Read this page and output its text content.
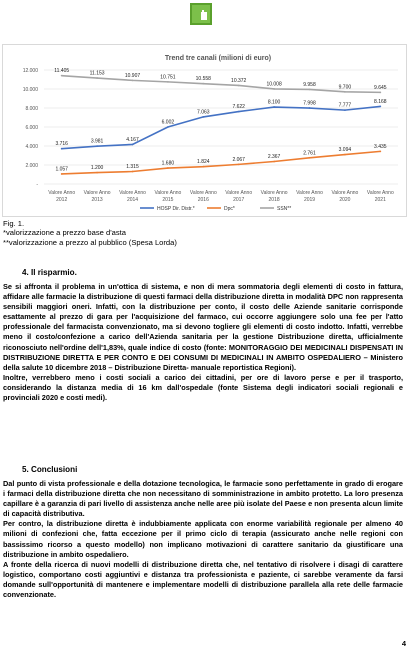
-
2.000
4.000
6.000
8.000
10.000
12.000
Valore Anno
2012
Valore Anno
2013
Valore Anno
2014
Valore Anno
2015
Valore Anno
2016
Valore Anno
2017
Valore Anno
2018
Valore Anno
2019
Valore Anno
2020
Valore Anno
2021
3.716	3.981	4.167
6.002
7.063
7.622
8.100	7.998	7.777
8.168
1.057	1.200	1.315
1.680	1.824	2.067	2.367
2.761
3.094
3.435
11.405	11.153	10.907	10.751	10.558	10.372
10.008	9.958	9.700	9.645
HOSP Dir. Distr.*	Dpc*	SSN**
Trend tre canali (milioni di euro)
Fig. 1.
*valorizzazione a prezzo base d'asta
**valorizzazione a prezzo al pubblico (Spesa Lorda)
4. Il risparmio.

Se si affronta il problema in un'ottica di sistema, e non di mera sommatoria degli elementi di costo in fattura, affidare alle farmacie la distribuzione di questi farmaci della distribuzione diretta in modalità DPC non rappresenta sensibili maggiori oneri. Infatti, con la distribuzione per conto, il costo delle Aziende sanitarie corrisponde esattamente al prezzo di gara per l'acquisizione del farmaco, cui occorre aggiungere solo una fee per l'atto professionale del farmacista convenzionato, ma si devono togliere gli elementi di costo indotto. Infatti, verrebbe meno il costo/confezione a carico dell'Azienda sanitaria per la gestione Distribuzione diretta, ufficialmente riconosciuto nell'ordine dell'1,83%, quale indice di costo (fonte: MONITORAGGIO DEI MEDICINALI DISPENSATI IN DISTRIBUZIONE DIRETTA E PER CONTO E DEI CONSUMI DI MEDICINALI IN AMBITO OSPEDALIERO – Ministero della salute 10 dicembre 2018 – Distribuzione Diretta- manuale reportistica Regioni).

Inoltre, verrebbero meno i costi sociali a carico dei cittadini, per ore di lavoro perse e per il trasporto, considerando la distanza media di 16 km dall'ospedale (fonte Sistema degli indicatori sociali regionali e provinciali 2020 e costi medi).

5. Conclusioni

Dal punto di vista professionale e della dotazione tecnologica, le farmacie sono perfettamente in grado di erogare i farmaci della distribuzione diretta che non necessitano di somministrazione in ambito protetto. La loro presenza capillare è a garanzia di pari livello di assistenza anche nelle aree più isolate del Paese e non presenta alcun limite di capacità distributiva.

Per contro, la distribuzione diretta è indubbiamente applicata con enorme variabilità regionale per almeno 40 milioni di confezioni che, fatta eccezione per il primo ciclo di terapia (assicurato anche nelle regioni con bassissimo ricorso a questo modello) non implicano motivazioni di carattere sanitario da giustificare una distribuzione in ambito ospedaliero.

A fronte della ricerca di nuovi modelli di distribuzione diretta che, nel tentativo di risolvere i disagi di carattere logistico, comportano costi aggiuntivi e distanza tra professionista e paziente, ci sarebbe veramente da farsi domande sull'opportunità di mantenere e implementare modelli di distribuzione parallela alla rete delle farmacie convenzionate.

4
